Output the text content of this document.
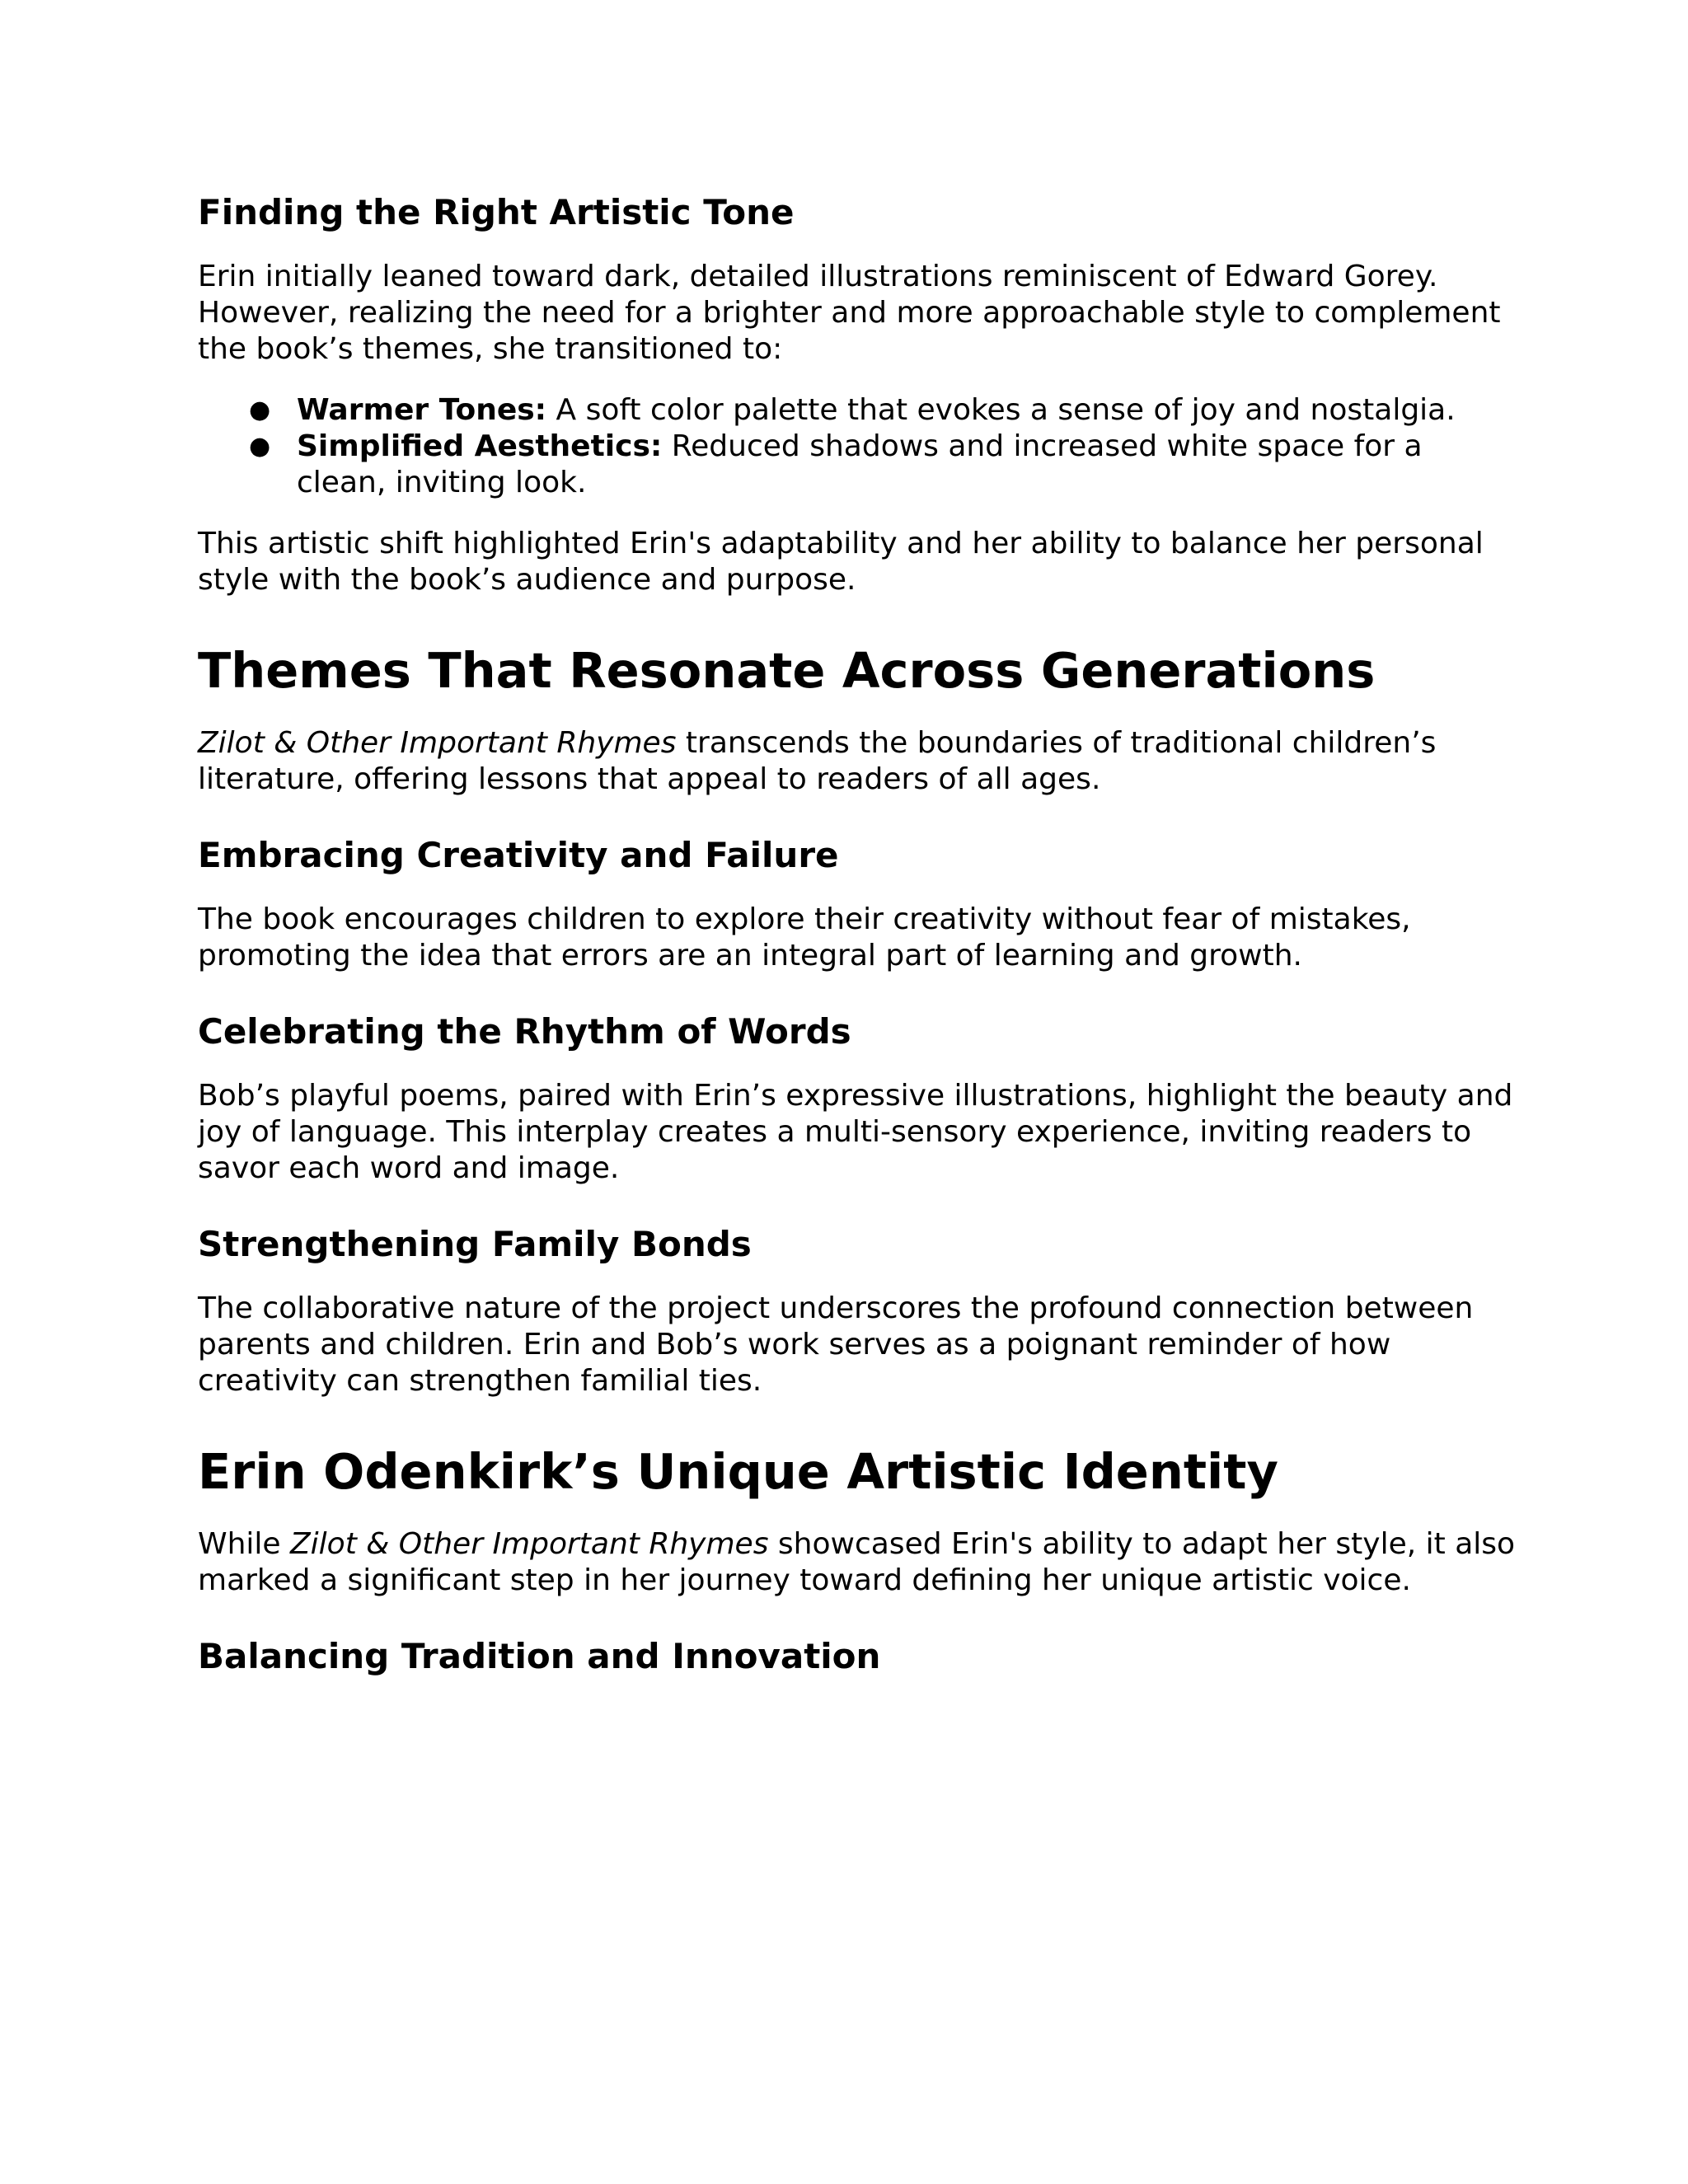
Finding the Right Artistic Tone

Erin initially leaned toward dark, detailed illustrations reminiscent of Edward Gorey. However, realizing the need for a brighter and more approachable style to complement the book’s themes, she transitioned to:

● Warmer Tones: A soft color palette that evokes a sense of joy and nostalgia.
● Simplified Aesthetics: Reduced shadows and increased white space for a clean, inviting look.

This artistic shift highlighted Erin's adaptability and her ability to balance her personal style with the book’s audience and purpose.

Themes That Resonate Across Generations

Zilot & Other Important Rhymes transcends the boundaries of traditional children’s literature, offering lessons that appeal to readers of all ages.

Embracing Creativity and Failure

The book encourages children to explore their creativity without fear of mistakes, promoting the idea that errors are an integral part of learning and growth.

Celebrating the Rhythm of Words

Bob’s playful poems, paired with Erin’s expressive illustrations, highlight the beauty and joy of language. This interplay creates a multi-sensory experience, inviting readers to savor each word and image.

Strengthening Family Bonds

The collaborative nature of the project underscores the profound connection between parents and children. Erin and Bob’s work serves as a poignant reminder of how creativity can strengthen familial ties.

Erin Odenkirk’s Unique Artistic Identity

While Zilot & Other Important Rhymes showcased Erin's ability to adapt her style, it also marked a significant step in her journey toward defining her unique artistic voice.

Balancing Tradition and Innovation
